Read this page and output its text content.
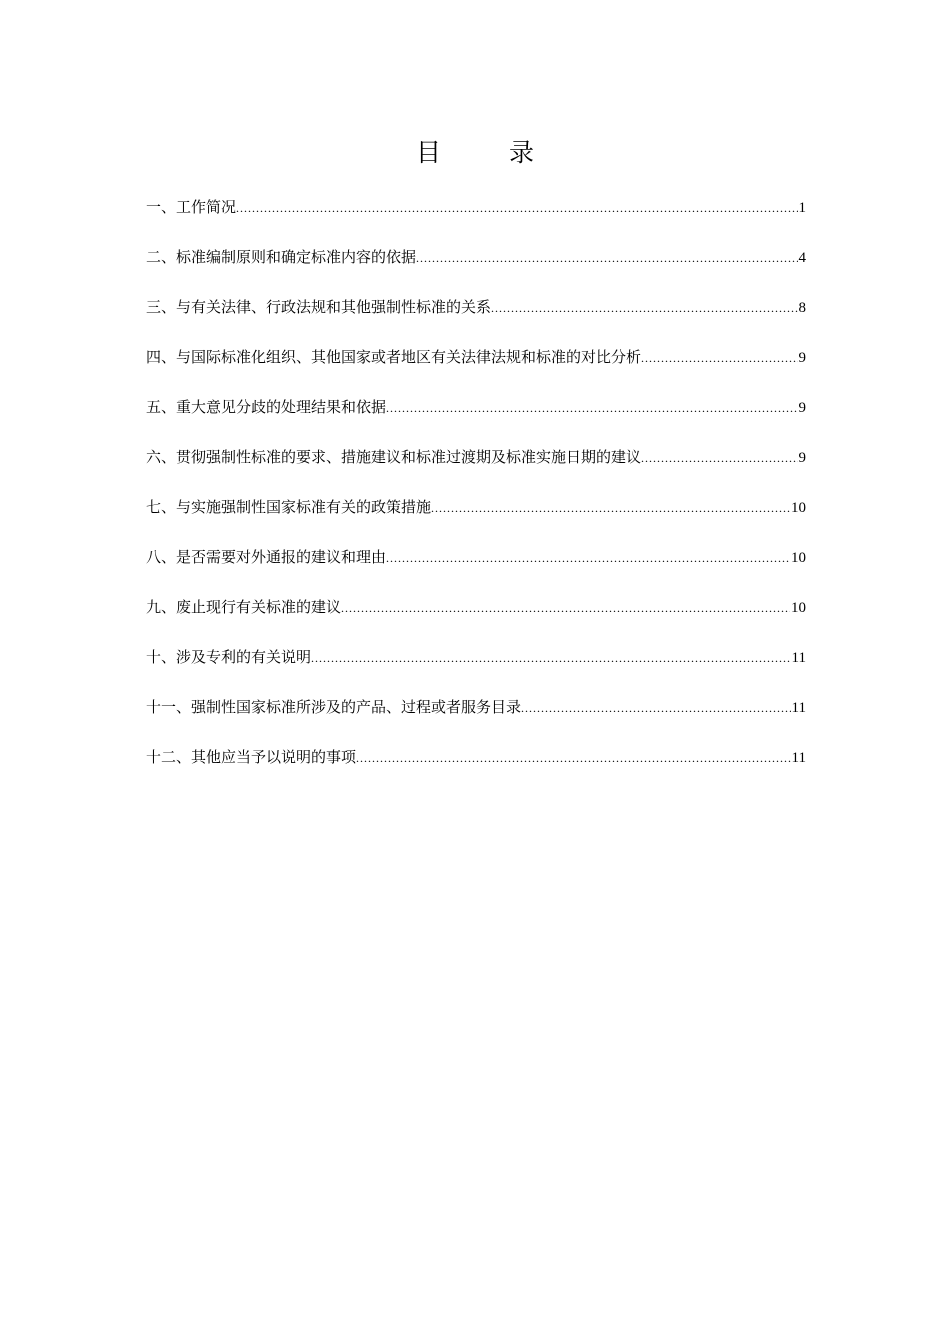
目 录
一、工作简况 .....	1
二、标准编制原则和确定标准内容的依据 .....	4
三、与有关法律、行政法规和其他强制性标准的关系 .....	8
四、与国际标准化组织、其他国家或者地区有关法律法规和标准的对比分析 .....	9
五、重大意见分歧的处理结果和依据 .....	9
六、贯彻强制性标准的要求、措施建议和标准过渡期及标准实施日期的建议 .....	9
七、与实施强制性国家标准有关的政策措施 .....	10
八、是否需要对外通报的建议和理由 .....	10
九、废止现行有关标准的建议 .....	10
十、涉及专利的有关说明 .....	11
十一、强制性国家标准所涉及的产品、过程或者服务目录 .....	11
十二、其他应当予以说明的事项 .....	11
